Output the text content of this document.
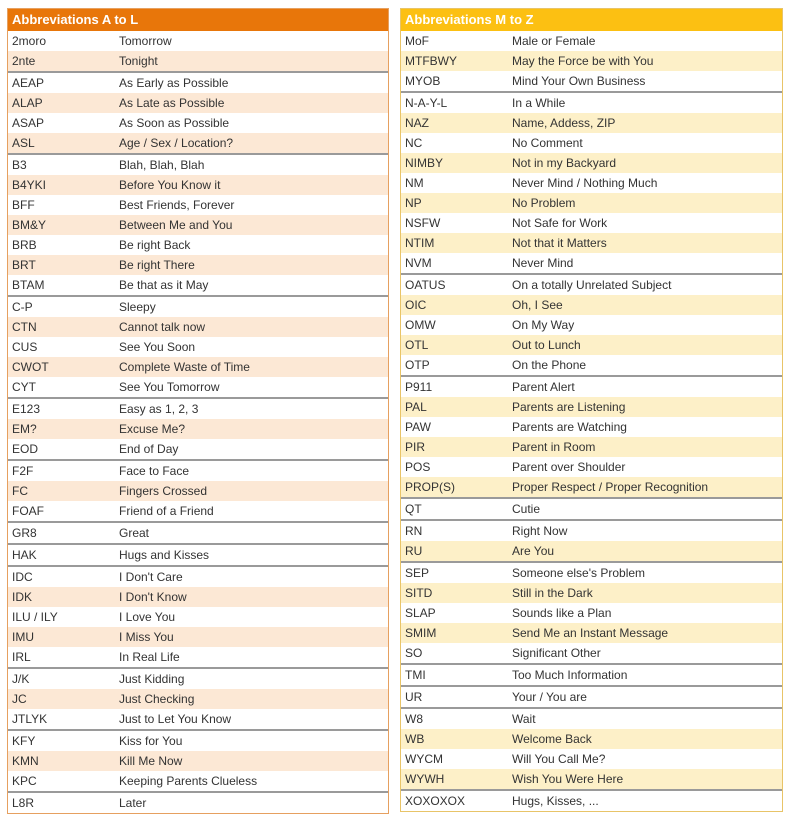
Abbreviations A to L
2moro	Tomorrow
2nte	Tonight
AEAP	As Early as Possible
ALAP	As Late as Possible
ASAP	As Soon as Possible
ASL	Age / Sex / Location?
B3	Blah, Blah, Blah
B4YKI	Before You Know it
BFF	Best Friends, Forever
BM&Y	Between Me and You
BRB	Be right Back
BRT	Be right There
BTAM	Be that as it May
C-P	Sleepy
CTN	Cannot talk now
CUS	See You Soon
CWOT	Complete Waste of Time
CYT	See You Tomorrow
E123	Easy as 1, 2, 3
EM?	Excuse Me?
EOD	End of Day
F2F	Face to Face
FC	Fingers Crossed
FOAF	Friend of a Friend
GR8	Great
HAK	Hugs and Kisses
IDC	I Don't Care
IDK	I Don't Know
ILU / ILY	I Love You
IMU	I Miss You
IRL	In Real Life
J/K	Just Kidding
JC	Just Checking
JTLYK	Just to Let You Know
KFY	Kiss for You
KMN	Kill Me Now
KPC	Keeping Parents Clueless
L8R	Later
Abbreviations M to Z
MoF	Male or Female
MTFBWY	May the Force be with You
MYOB	Mind Your Own Business
N-A-Y-L	In a While
NAZ	Name, Addess, ZIP
NC	No Comment
NIMBY	Not in my Backyard
NM	Never Mind / Nothing Much
NP	No Problem
NSFW	Not Safe for Work
NTIM	Not that it Matters
NVM	Never Mind
OATUS	On a totally Unrelated Subject
OIC	Oh, I See
OMW	On My Way
OTL	Out to Lunch
OTP	On the Phone
P911	Parent Alert
PAL	Parents are Listening
PAW	Parents are Watching
PIR	Parent in Room
POS	Parent over Shoulder
PROP(S)	Proper Respect / Proper Recognition
QT	Cutie
RN	Right Now
RU	Are You
SEP	Someone else's Problem
SITD	Still in the Dark
SLAP	Sounds like a Plan
SMIM	Send Me an Instant Message
SO	Significant Other
TMI	Too Much Information
UR	Your / You are
W8	Wait
WB	Welcome Back
WYCM	Will You Call Me?
WYWH	Wish You Were Here
XOXOXOX	Hugs, Kisses, ...
